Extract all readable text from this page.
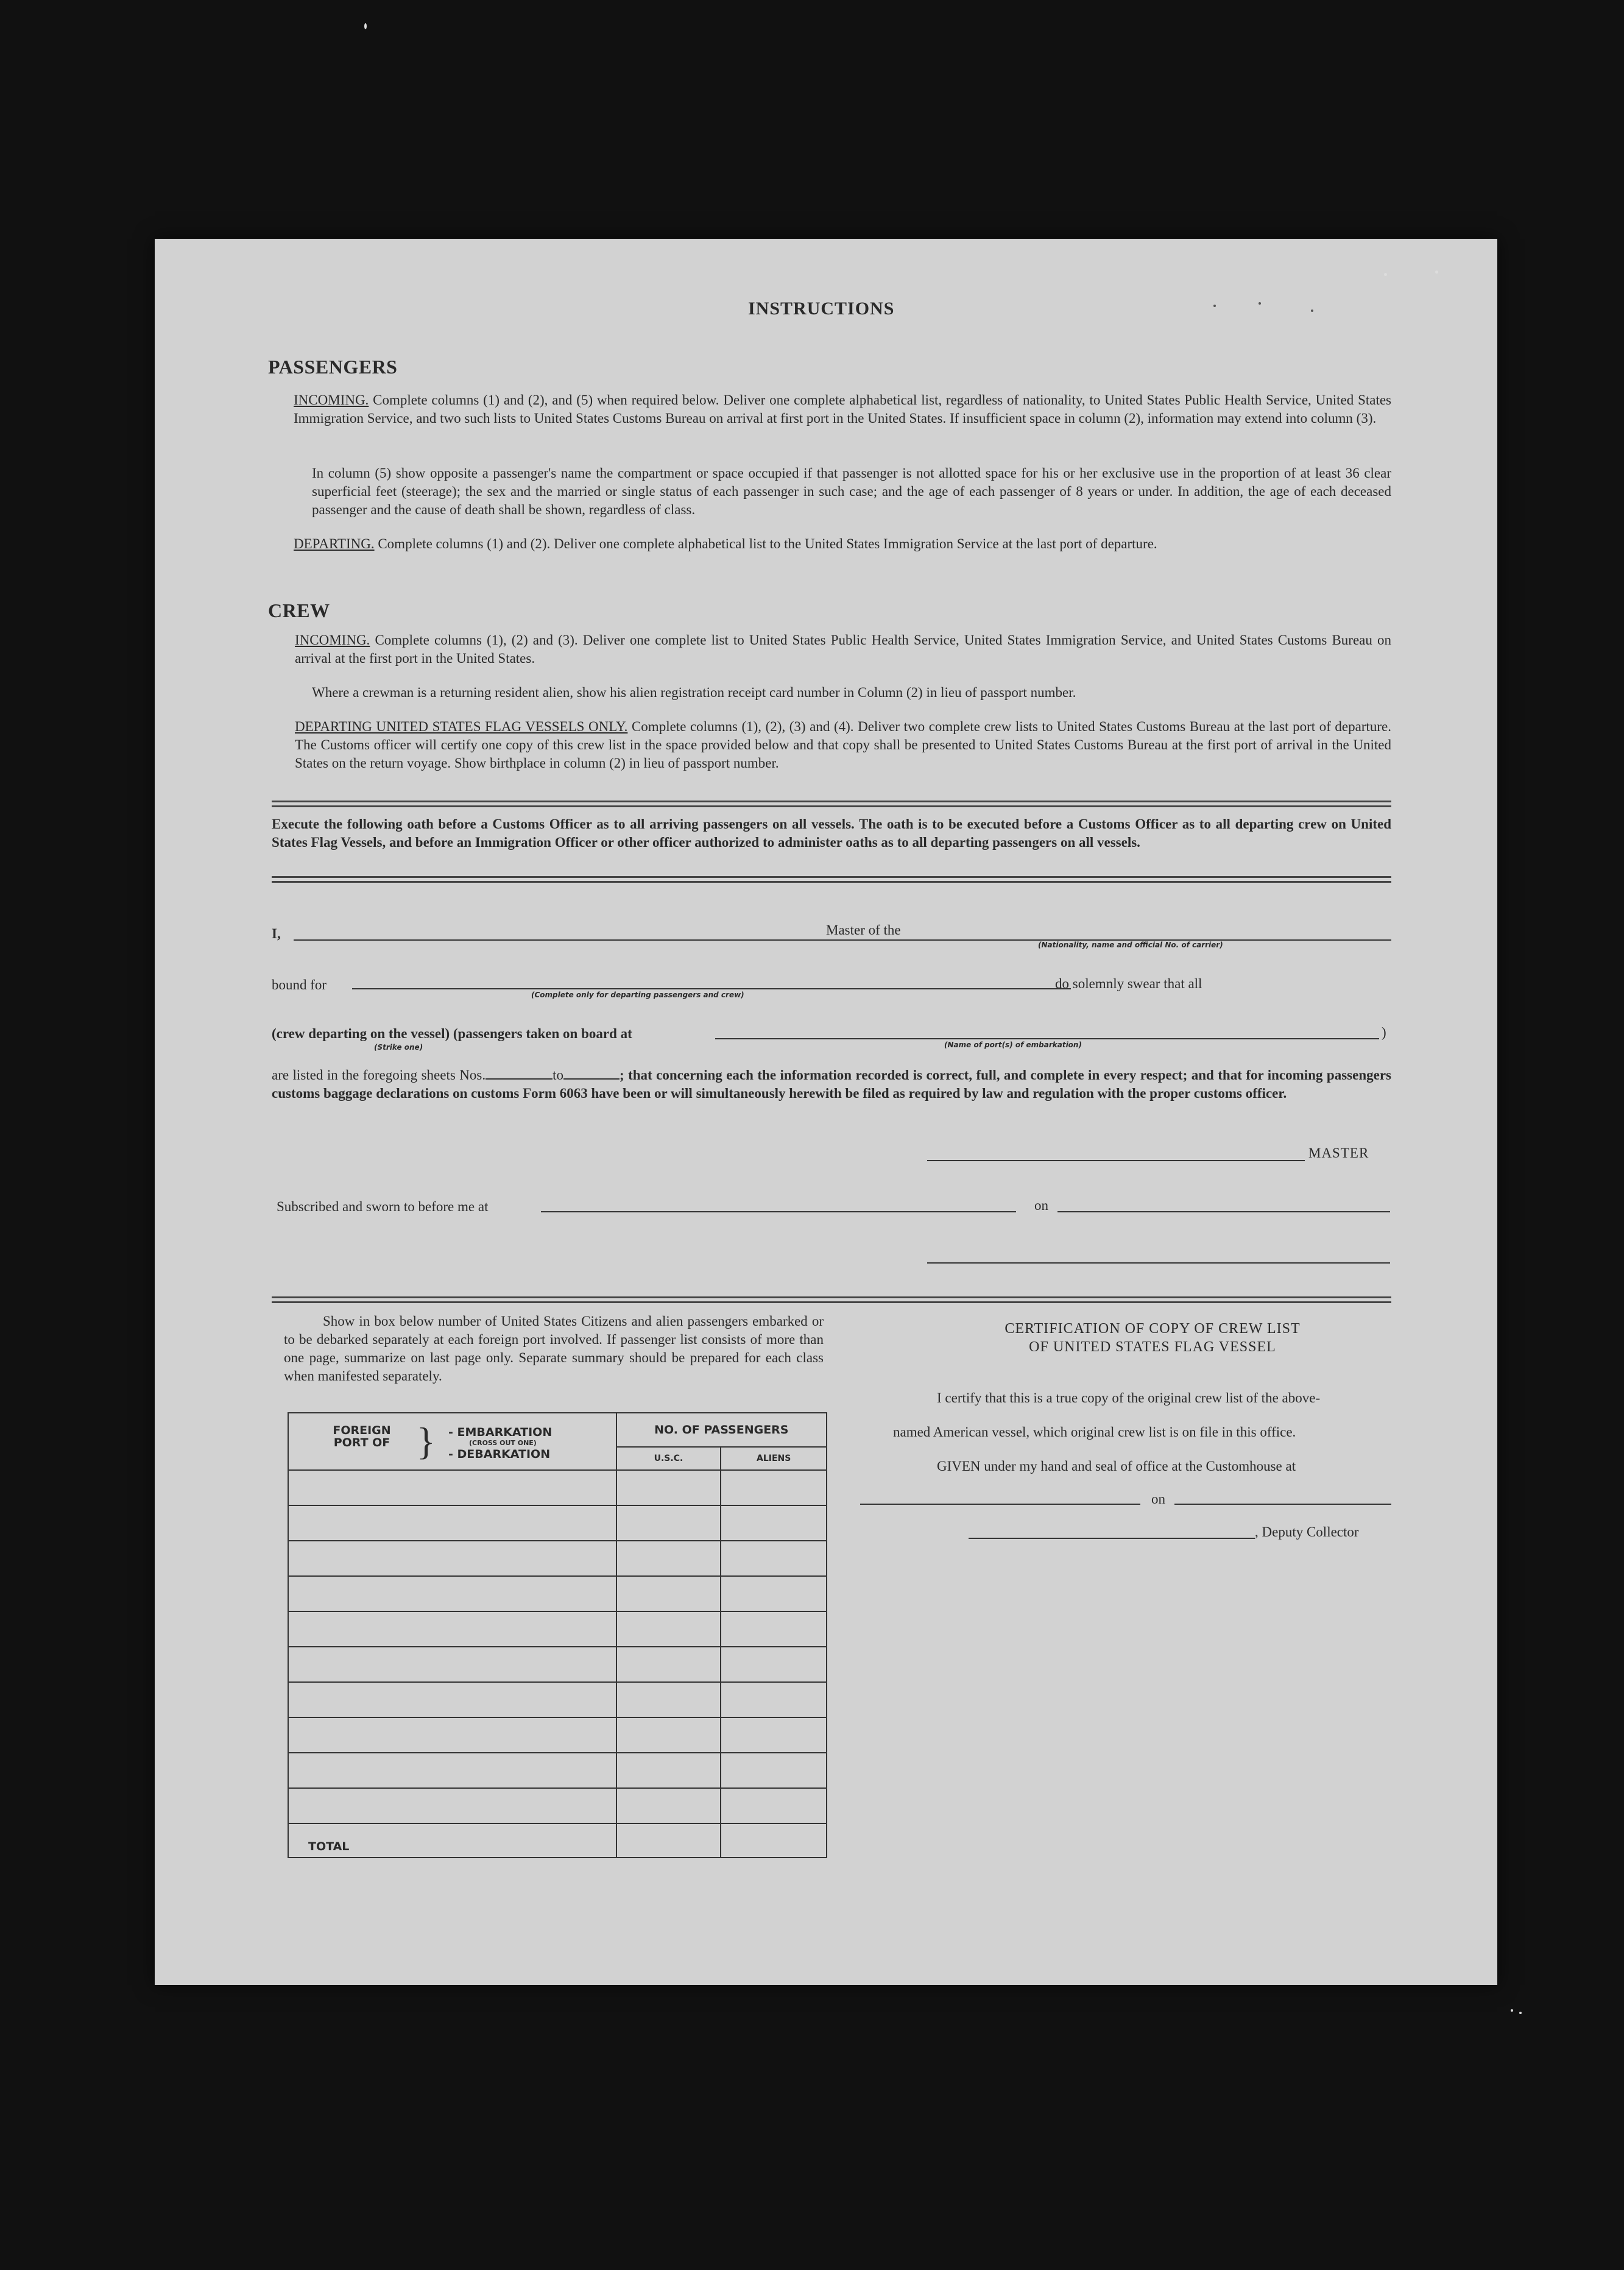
INSTRUCTIONS
PASSENGERS
INCOMING. Complete columns (1) and (2), and (5) when required below. Deliver one complete alphabetical list, regardless of nationality, to United States Public Health Service, United States Immigration Service, and two such lists to United States Customs Bureau on arrival at first port in the United States. If insufficient space in column (2), information may extend into column (3).
In column (5) show opposite a passenger's name the compartment or space occupied if that passenger is not allotted space for his or her exclusive use in the proportion of at least 36 clear superficial feet (steerage); the sex and the married or single status of each passenger in such case; and the age of each passenger of 8 years or under. In addition, the age of each deceased passenger and the cause of death shall be shown, regardless of class.
DEPARTING. Complete columns (1) and (2). Deliver one complete alphabetical list to the United States Immigration Service at the last port of departure.
CREW
INCOMING. Complete columns (1), (2) and (3). Deliver one complete list to United States Public Health Service, United States Immigration Service, and United States Customs Bureau on arrival at the first port in the United States.
Where a crewman is a returning resident alien, show his alien registration receipt card number in Column (2) in lieu of passport number.
DEPARTING UNITED STATES FLAG VESSELS ONLY. Complete columns (1), (2), (3) and (4). Deliver two complete crew lists to United States Customs Bureau at the last port of departure. The Customs officer will certify one copy of this crew list in the space provided below and that copy shall be presented to United States Customs Bureau at the first port of arrival in the United States on the return voyage. Show birthplace in column (2) in lieu of passport number.
Execute the following oath before a Customs Officer as to all arriving passengers on all vessels. The oath is to be executed before a Customs Officer as to all departing crew on United States Flag Vessels, and before an Immigration Officer or other officer authorized to administer oaths as to all departing passengers on all vessels.
I,	Master of the
(Nationality, name and official No. of carrier)
bound for
(Complete only for departing passengers and crew)
do solemnly swear that all
(crew departing on the vessel) (passengers taken on board at
(Strike one)	(Name of port(s) of embarkation)
)
are listed in the foregoing sheets Nos.	to	; that concerning each the information recorded is correct, full, and complete in every respect; and that for incoming passengers customs baggage declarations on customs Form 6063 have been or will simultaneously herewith be filed as required by law and regulation with the proper customs officer.
MASTER
Subscribed and sworn to before me at	on
Show in box below number of United States Citizens and alien passengers embarked or to be debarked separately at each foreign port involved. If passenger list consists of more than one page, summarize on last page only. Separate summary should be prepared for each class when manifested separately.
FOREIGN PORT OF } - EMBARKATION
(CROSS OUT ONE)
- DEBARKATION	NO. OF PASSENGERS	
	U.S.C.	ALIENS

TOTAL		
CERTIFICATION OF COPY OF CREW LIST
OF UNITED STATES FLAG VESSEL
I certify that this is a true copy of the original crew list of the above-
named American vessel, which original crew list is on file in this office.
GIVEN under my hand and seal of office at the Customhouse at
on
, Deputy Collector
